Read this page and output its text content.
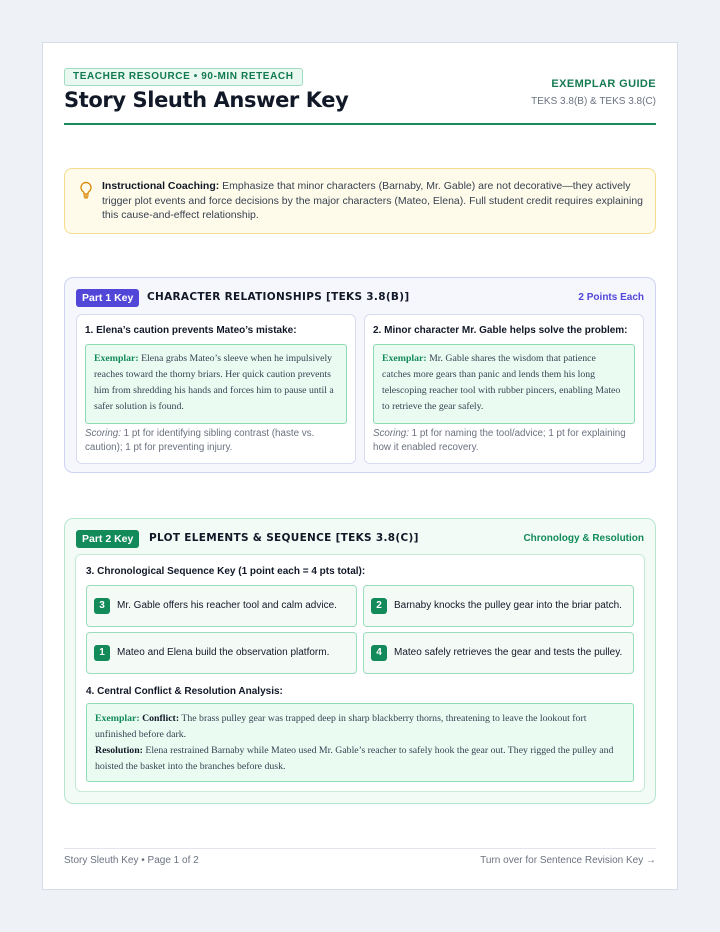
TEACHER RESOURCE • 90-MIN RETEACH
Story Sleuth Answer Key
EXEMPLAR GUIDE
TEKS 3.8(B) & TEKS 3.8(C)
Instructional Coaching: Emphasize that minor characters (Barnaby, Mr. Gable) are not decorative—they actively trigger plot events and force decisions by the major characters (Mateo, Elena). Full student credit requires explaining this cause-and-effect relationship.
Part 1 Key	CHARACTER RELATIONSHIPS [TEKS 3.8(B)]	2 Points Each
1. Elena’s caution prevents Mateo’s mistake:
Exemplar: Elena grabs Mateo’s sleeve when he impulsively reaches toward the thorny briars. Her quick caution prevents him from shredding his hands and forces him to pause until a safer solution is found.
Scoring: 1 pt for identifying sibling contrast (haste vs. caution); 1 pt for preventing injury.
2. Minor character Mr. Gable helps solve the problem:
Exemplar: Mr. Gable shares the wisdom that patience catches more gears than panic and lends them his long telescoping reacher tool with rubber pincers, enabling Mateo to retrieve the gear safely.
Scoring: 1 pt for naming the tool/advice; 1 pt for explaining how it enabled recovery.
Part 2 Key	PLOT ELEMENTS & SEQUENCE [TEKS 3.8(C)]	Chronology & Resolution
3. Chronological Sequence Key (1 point each = 4 pts total):
3	Mr. Gable offers his reacher tool and calm advice.	2	Barnaby knocks the pulley gear into the briar patch.
1	Mateo and Elena build the observation platform.	4	Mateo safely retrieves the gear and tests the pulley.
4. Central Conflict & Resolution Analysis:
Exemplar: Conflict: The brass pulley gear was trapped deep in sharp blackberry thorns, threatening to leave the lookout fort unfinished before dark.
Resolution: Elena restrained Barnaby while Mateo used Mr. Gable’s reacher to safely hook the gear out. They rigged the pulley and hoisted the basket into the branches before dusk.
Story Sleuth Key • Page 1 of 2	Turn over for Sentence Revision Key →
